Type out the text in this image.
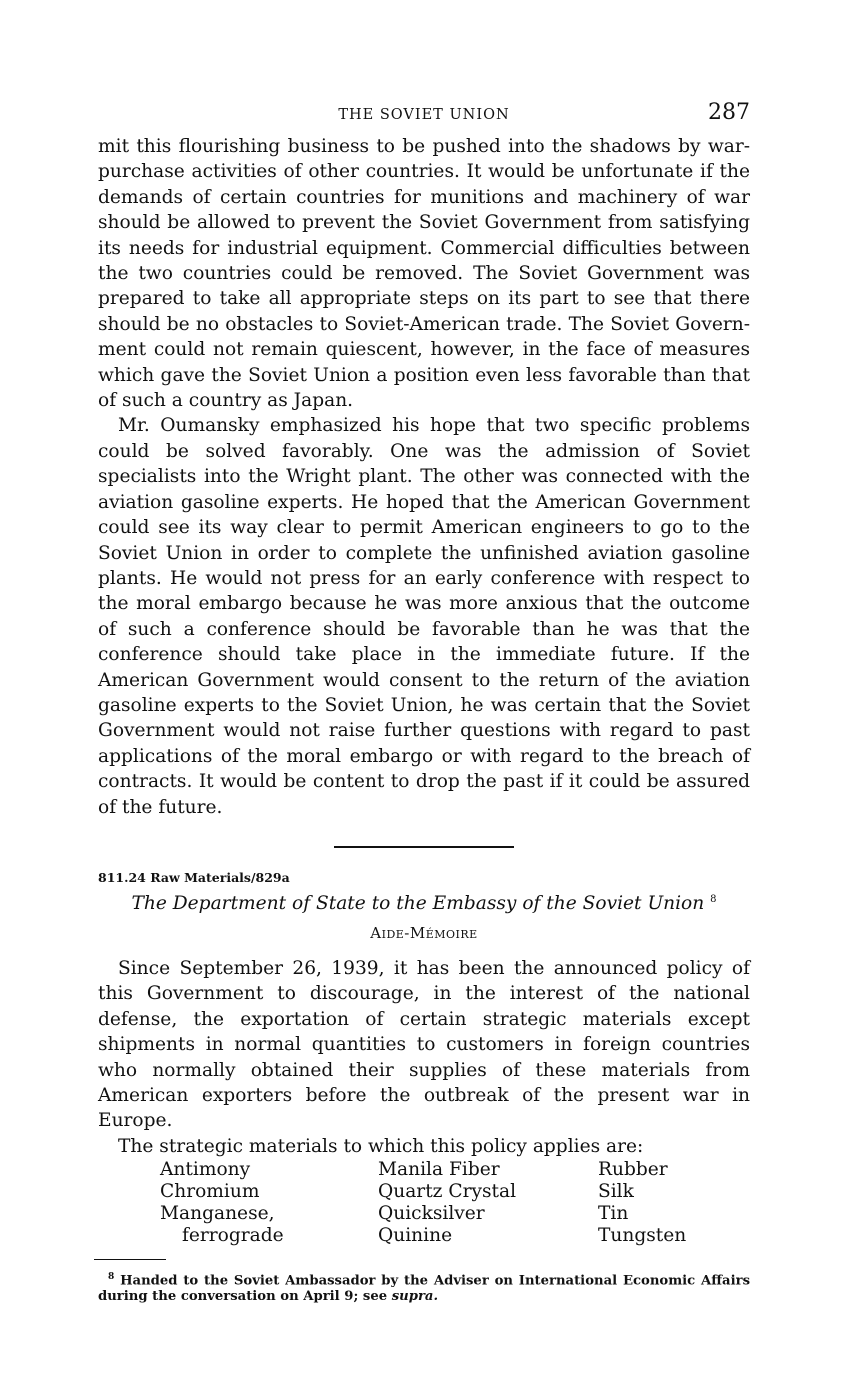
THE SOVIET UNION	287

mit this flourishing business to be pushed into the shadows by war-purchase activities of other countries. It would be unfortunate if the demands of certain countries for munitions and machinery of war should be allowed to prevent the Soviet Government from satisfying its needs for industrial equipment. Commercial difficulties between the two countries could be removed. The Soviet Government was prepared to take all appropriate steps on its part to see that there should be no obstacles to Soviet-American trade. The Soviet Government could not remain quiescent, however, in the face of measures which gave the Soviet Union a position even less favorable than that of such a country as Japan.

Mr. Oumansky emphasized his hope that two specific problems could be solved favorably. One was the admission of Soviet specialists into the Wright plant. The other was connected with the aviation gasoline experts. He hoped that the American Government could see its way clear to permit American engineers to go to the Soviet Union in order to complete the unfinished aviation gasoline plants. He would not press for an early conference with respect to the moral embargo because he was more anxious that the outcome of such a conference should be favorable than he was that the conference should take place in the immediate future. If the American Government would consent to the return of the aviation gasoline experts to the Soviet Union, he was certain that the Soviet Government would not raise further questions with regard to past applications of the moral embargo or with regard to the breach of contracts. It would be content to drop the past if it could be assured of the future.

811.24 Raw Materials/829a

The Department of State to the Embassy of the Soviet Union $^8$

Aide-Mémoire

Since September 26, 1939, it has been the announced policy of this Government to discourage, in the interest of the national defense, the exportation of certain strategic materials except shipments in normal quantities to customers in foreign countries who normally obtained their supplies of these materials from American exporters before the outbreak of the present war in Europe.

The strategic materials to which this policy applies are:

Antimony
Chromium
Manganese,
ferrograde
Manila Fiber
Quartz Crystal
Quicksilver
Quinine
Rubber
Silk
Tin
Tungsten

$^8$ Handed to the Soviet Ambassador by the Adviser on International Economic Affairs during the conversation on April 9; see supra.
